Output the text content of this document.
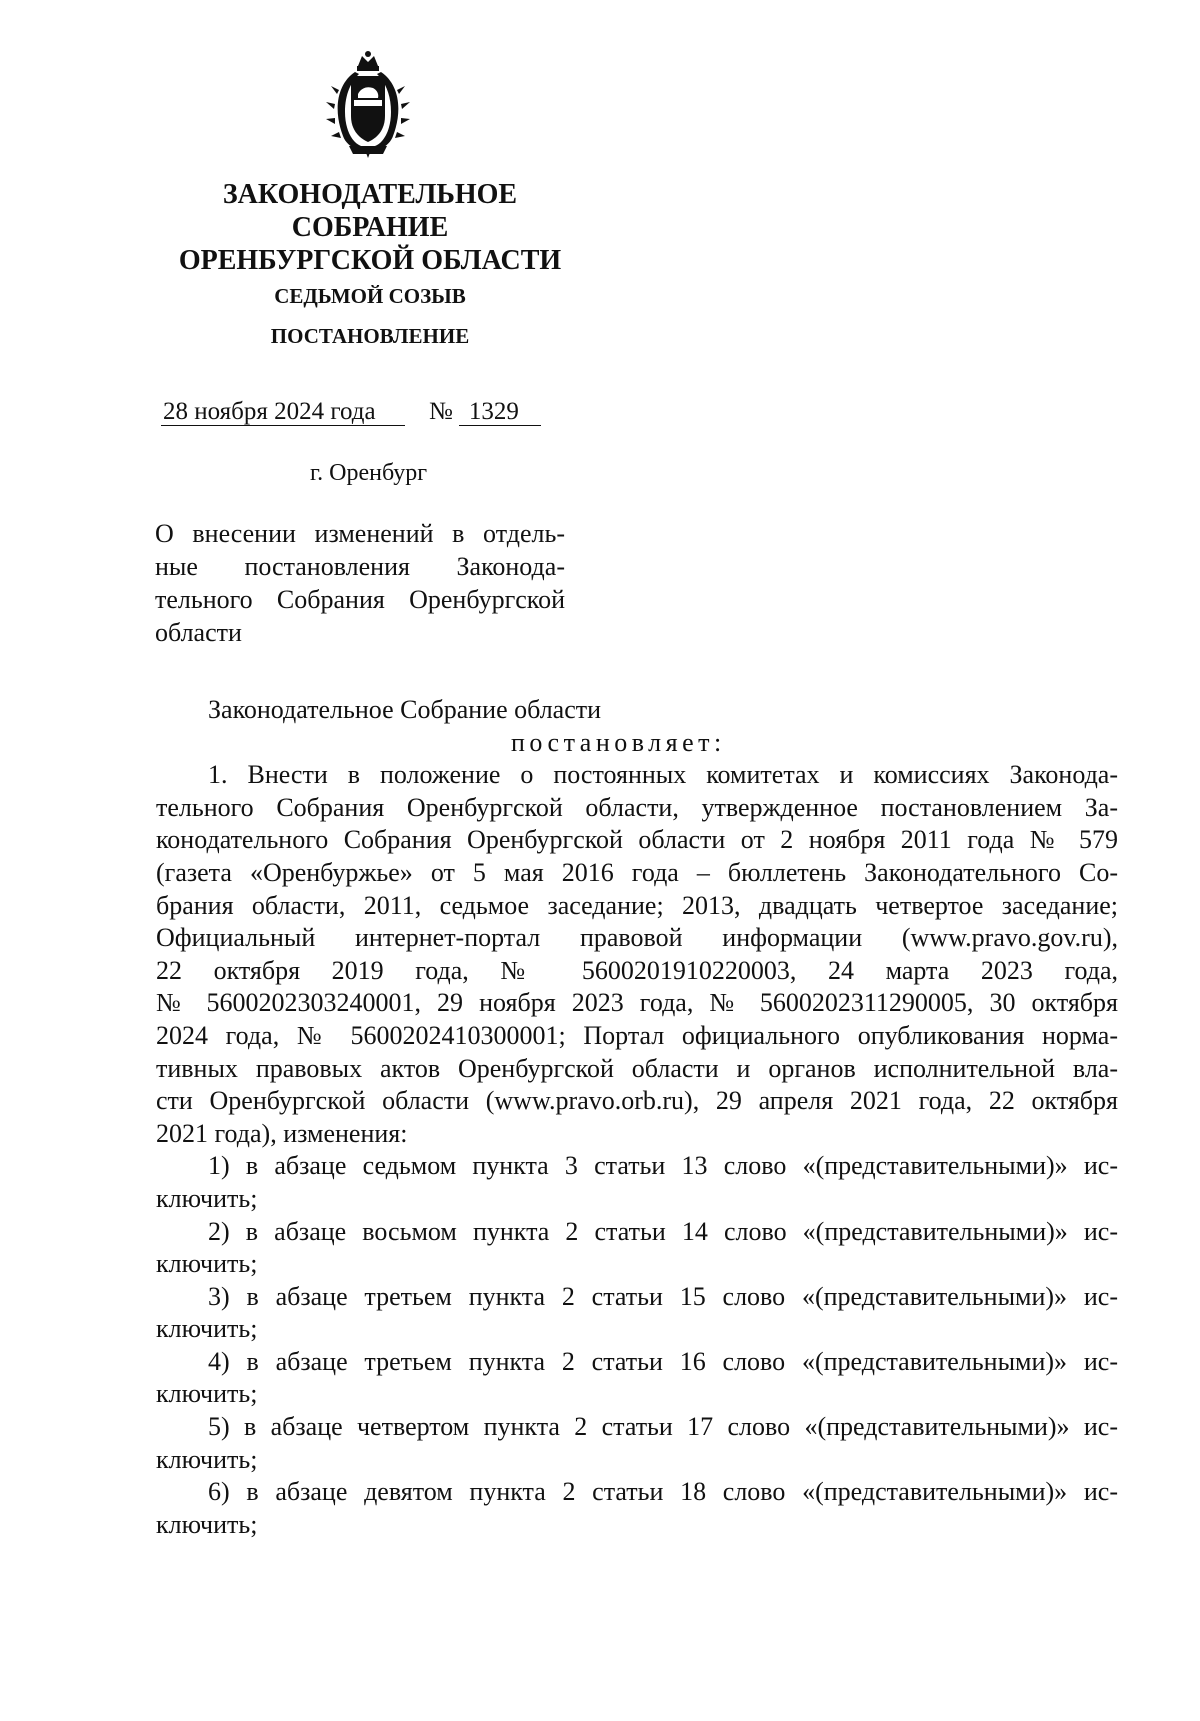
ЗАКОНОДАТЕЛЬНОЕ
СОБРАНИЕ
ОРЕНБУРГСКОЙ ОБЛАСТИ
СЕДЬМОЙ СОЗЫВ
ПОСТАНОВЛЕНИЕ
28 ноября 2024 года № 1329
г. Оренбург
О внесении изменений в отдель-
ные постановления Законода-
тельного Собрания Оренбургской
области

Законодательное Собрание области

постановляет:

1. Внести в положение о постоянных комитетах и комиссиях Законода-

тельного Собрания Оренбургской области, утвержденное постановлением За-

конодательного Собрания Оренбургской области от 2 ноября 2011 года № 579

(газета «Оренбуржье» от 5 мая 2016 года – бюллетень Законодательного Со-

брания области, 2011, седьмое заседание; 2013, двадцать четвертое заседание;

Официальный интернет-портал правовой информации (www.pravo.gov.ru),

22 октября 2019 года, № 5600201910220003, 24 марта 2023 года,

№ 5600202303240001, 29 ноября 2023 года, № 5600202311290005, 30 октября

2024 года, № 5600202410300001; Портал официального опубликования норма-

тивных правовых актов Оренбургской области и органов исполнительной вла-

сти Оренбургской области (www.pravo.orb.ru), 29 апреля 2021 года, 22 октября

2021 года), изменения:

1) в абзаце седьмом пункта 3 статьи 13 слово «(представительными)» ис-

ключить;

2) в абзаце восьмом пункта 2 статьи 14 слово «(представительными)» ис-

ключить;

3) в абзаце третьем пункта 2 статьи 15 слово «(представительными)» ис-

ключить;

4) в абзаце третьем пункта 2 статьи 16 слово «(представительными)» ис-

ключить;

5) в абзаце четвертом пункта 2 статьи 17 слово «(представительными)» ис-

ключить;

6) в абзаце девятом пункта 2 статьи 18 слово «(представительными)» ис-

ключить;
